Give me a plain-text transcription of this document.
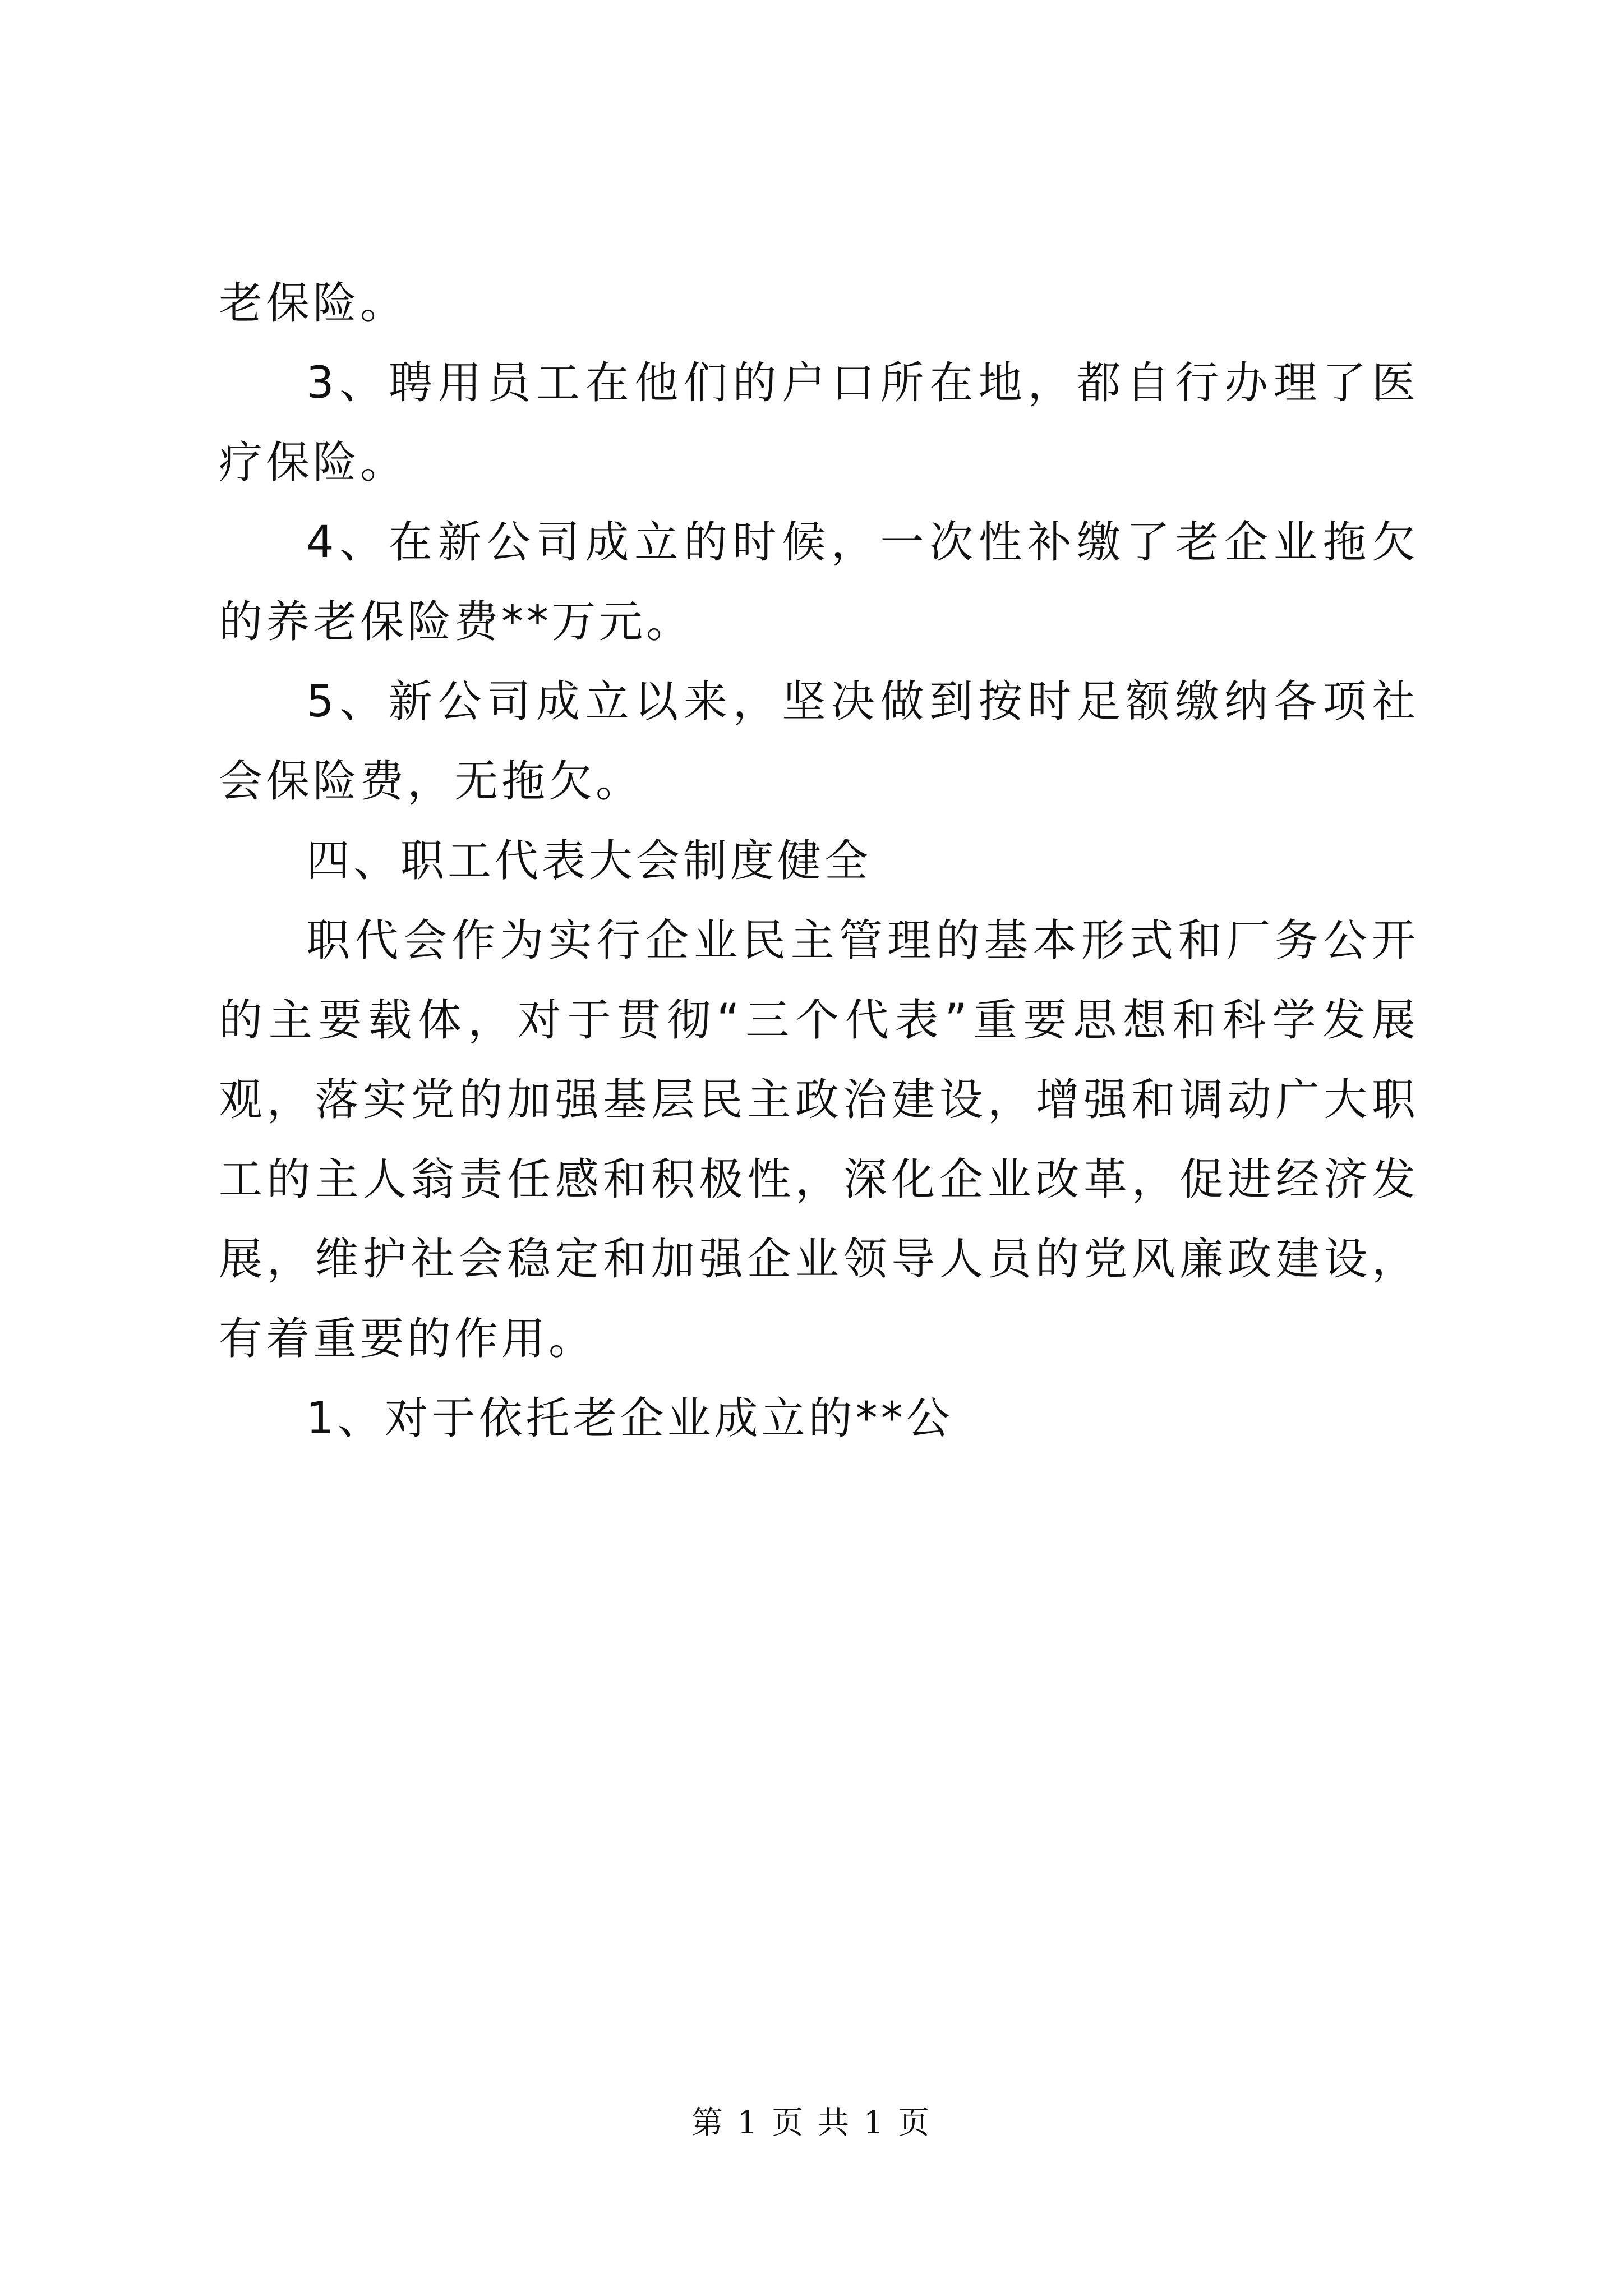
老保险。

3、聘用员工在他们的户口所在地，都自行办理了医疗保险。

4、在新公司成立的时候，一次性补缴了老企业拖欠的养老保险费**万元。

5、新公司成立以来，坚决做到按时足额缴纳各项社会保险费，无拖欠。

四、职工代表大会制度健全

职代会作为实行企业民主管理的基本形式和厂务公开的主要载体，对于贯彻“三个代表”重要思想和科学发展观，落实党的加强基层民主政治建设，增强和调动广大职工的主人翁责任感和积极性，深化企业改革，促进经济发展，维护社会稳定和加强企业领导人员的党风廉政建设，有着重要的作用。

1、对于依托老企业成立的**公

第 1 页 共 1 页
